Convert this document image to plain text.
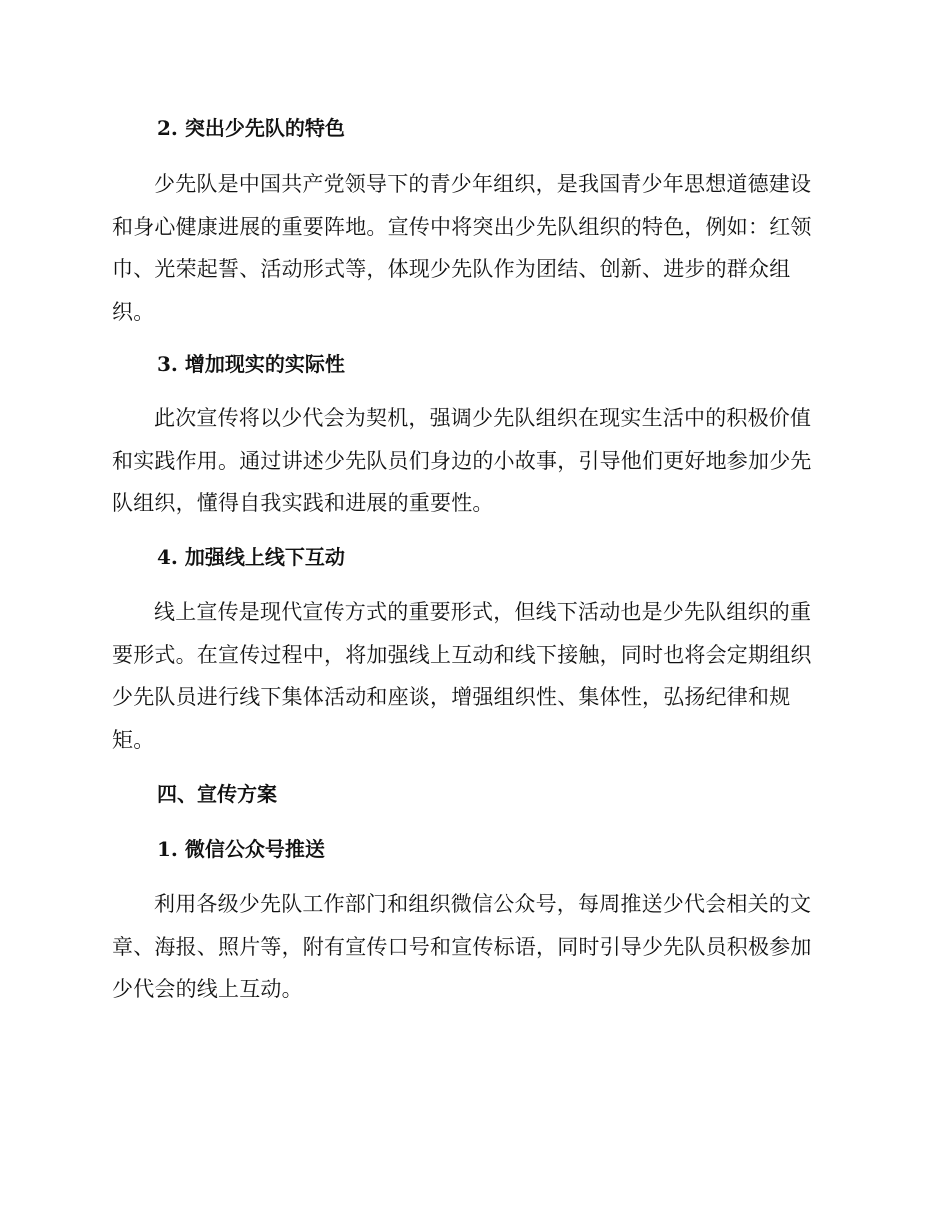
2. 突出少先队的特色

少先队是中国共产党领导下的青少年组织，是我国青少年思想道德建设和身心健康进展的重要阵地。宣传中将突出少先队组织的特色，例如：红领巾、光荣起誓、活动形式等，体现少先队作为团结、创新、进步的群众组织。

3. 增加现实的实际性

此次宣传将以少代会为契机，强调少先队组织在现实生活中的积极价值和实践作用。通过讲述少先队员们身边的小故事，引导他们更好地参加少先队组织，懂得自我实践和进展的重要性。

4. 加强线上线下互动

线上宣传是现代宣传方式的重要形式，但线下活动也是少先队组织的重要形式。在宣传过程中，将加强线上互动和线下接触，同时也将会定期组织少先队员进行线下集体活动和座谈，增强组织性、集体性，弘扬纪律和规矩。

四、宣传方案
1. 微信公众号推送

利用各级少先队工作部门和组织微信公众号，每周推送少代会相关的文章、海报、照片等，附有宣传口号和宣传标语，同时引导少先队员积极参加少代会的线上互动。
